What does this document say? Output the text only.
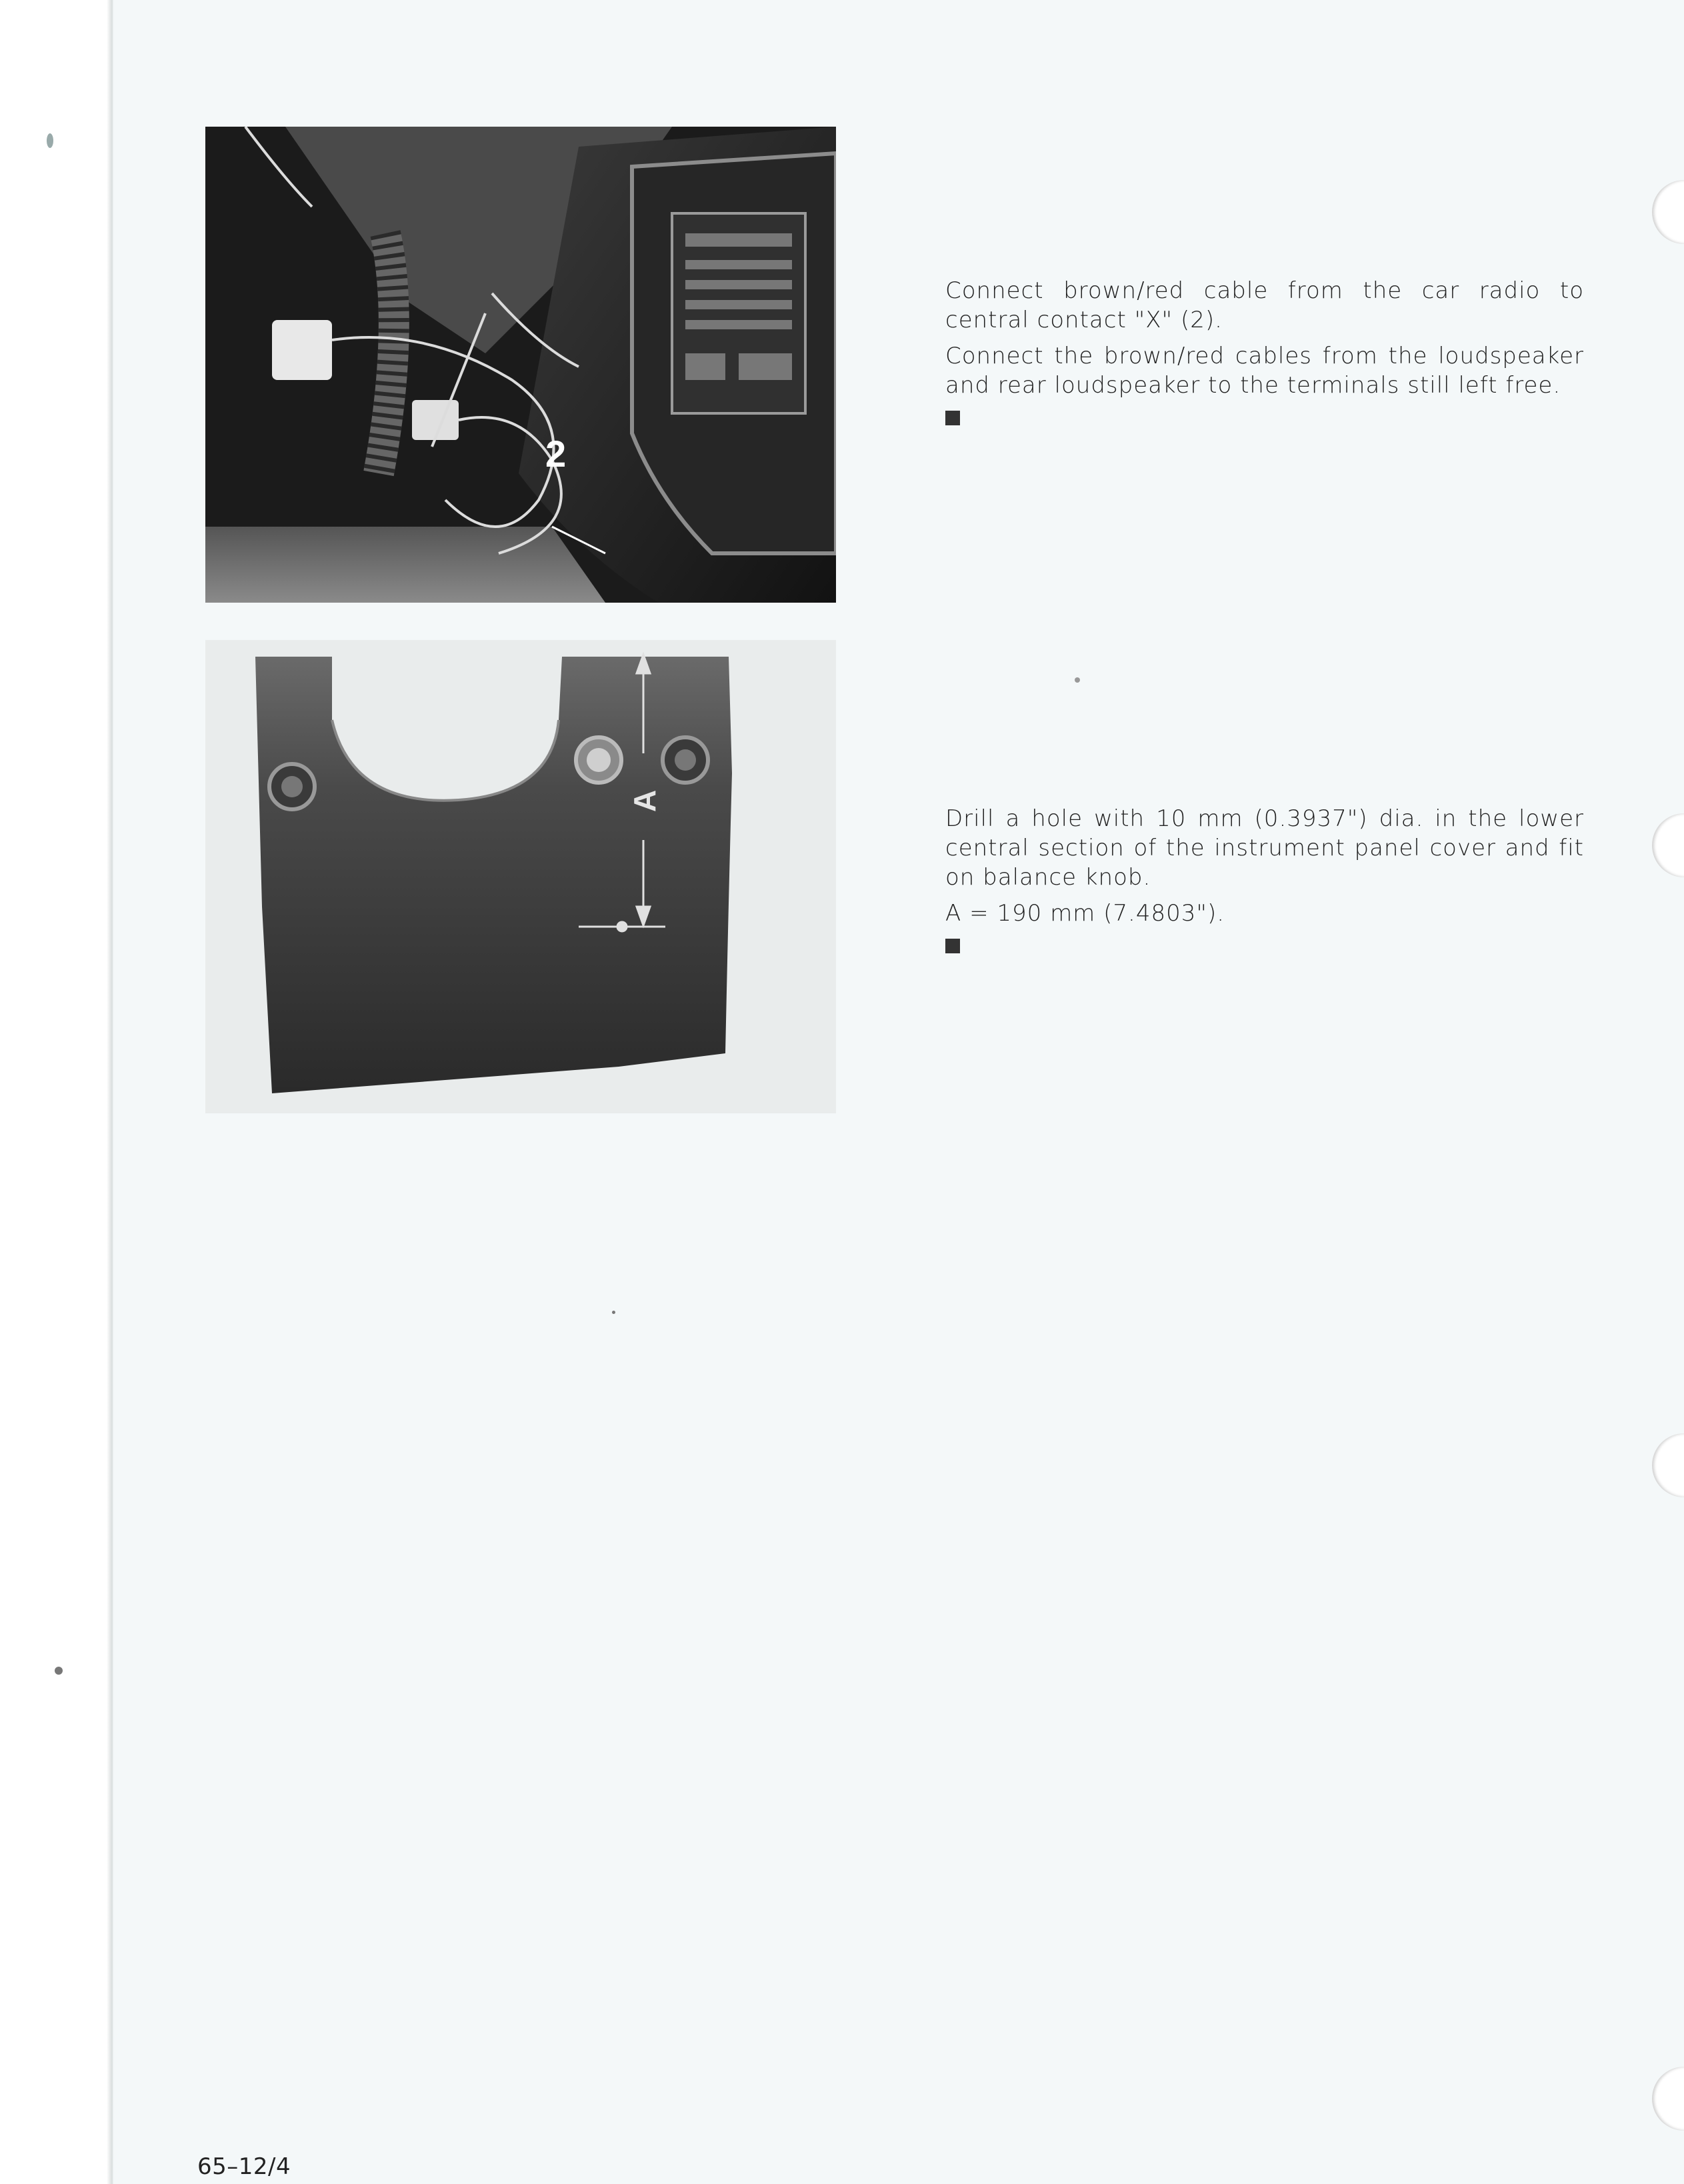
2

Connect brown/red cable from the car radio to central contact "X" (2).

Connect the brown/red cables from the loudspeaker and rear loudspeaker to the terminals still left free.

A

Drill a hole with 10 mm (0.3937") dia. in the lower central section of the instrument panel cover and fit on balance knob.

A = 190 mm (7.4803").

65–12/4
